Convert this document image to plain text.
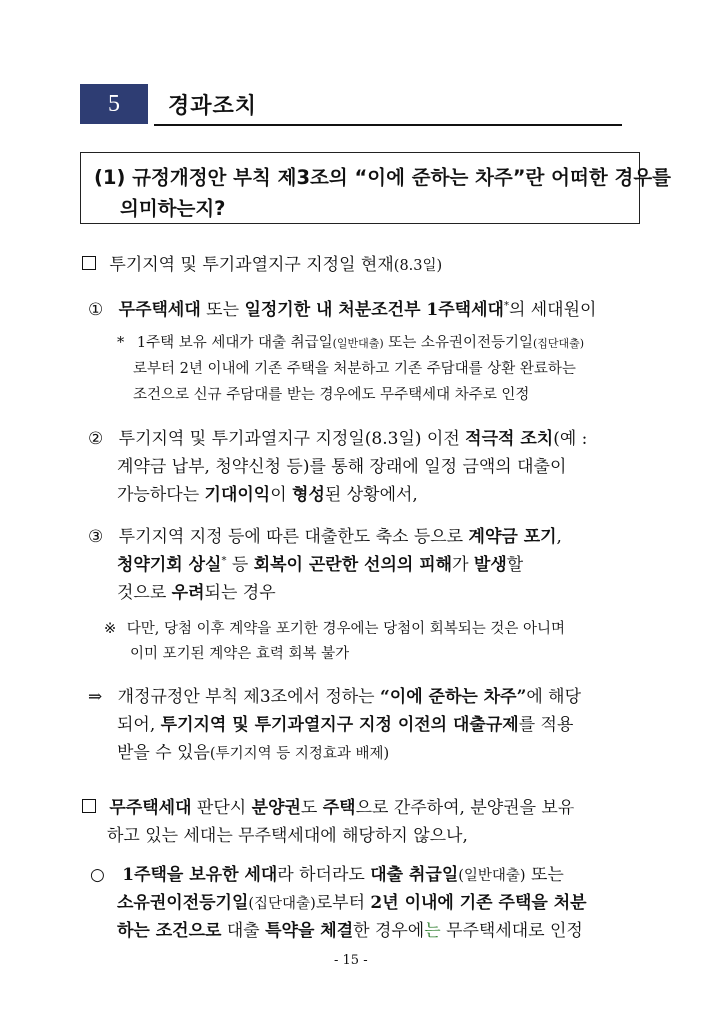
5 경과조치
(1) 규정개정안 부칙 제3조의 “이에 준하는 차주”란 어떠한 경우를
의미하는지?
투기지역 및 투기과열지구 지정일 현재(8.3일)
① 무주택세대 또는 일정기한 내 처분조건부 1주택세대*의 세대원이
* 1주택 보유 세대가 대출 취급일(일반대출) 또는 소유권이전등기일(집단대출)
로부터 2년 이내에 기존 주택을 처분하고 기존 주담대를 상환 완료하는
조건으로 신규 주담대를 받는 경우에도 무주택세대 차주로 인정
② 투기지역 및 투기과열지구 지정일(8.3일) 이전 적극적 조치(예 :
계약금 납부, 청약신청 등)를 통해 장래에 일정 금액의 대출이
가능하다는 기대이익이 형성된 상황에서,
③ 투기지역 지정 등에 따른 대출한도 축소 등으로 계약금 포기,
청약기회 상실* 등 회복이 곤란한 선의의 피해가 발생할
것으로 우려되는 경우
※ 다만, 당첨 이후 계약을 포기한 경우에는 당첨이 회복되는 것은 아니며
이미 포기된 계약은 효력 회복 불가
⇒ 개정규정안 부칙 제3조에서 정하는 “이에 준하는 차주”에 해당
되어, 투기지역 및 투기과열지구 지정 이전의 대출규제를 적용
받을 수 있음(투기지역 등 지정효과 배제)
무주택세대 판단시 분양권도 주택으로 간주하여, 분양권을 보유
하고 있는 세대는 무주택세대에 해당하지 않으나,
○ 1주택을 보유한 세대라 하더라도 대출 취급일(일반대출) 또는
소유권이전등기일(집단대출)로부터 2년 이내에 기존 주택을 처분
하는 조건으로 대출 특약을 체결한 경우에는 무주택세대로 인정
- 15 -
